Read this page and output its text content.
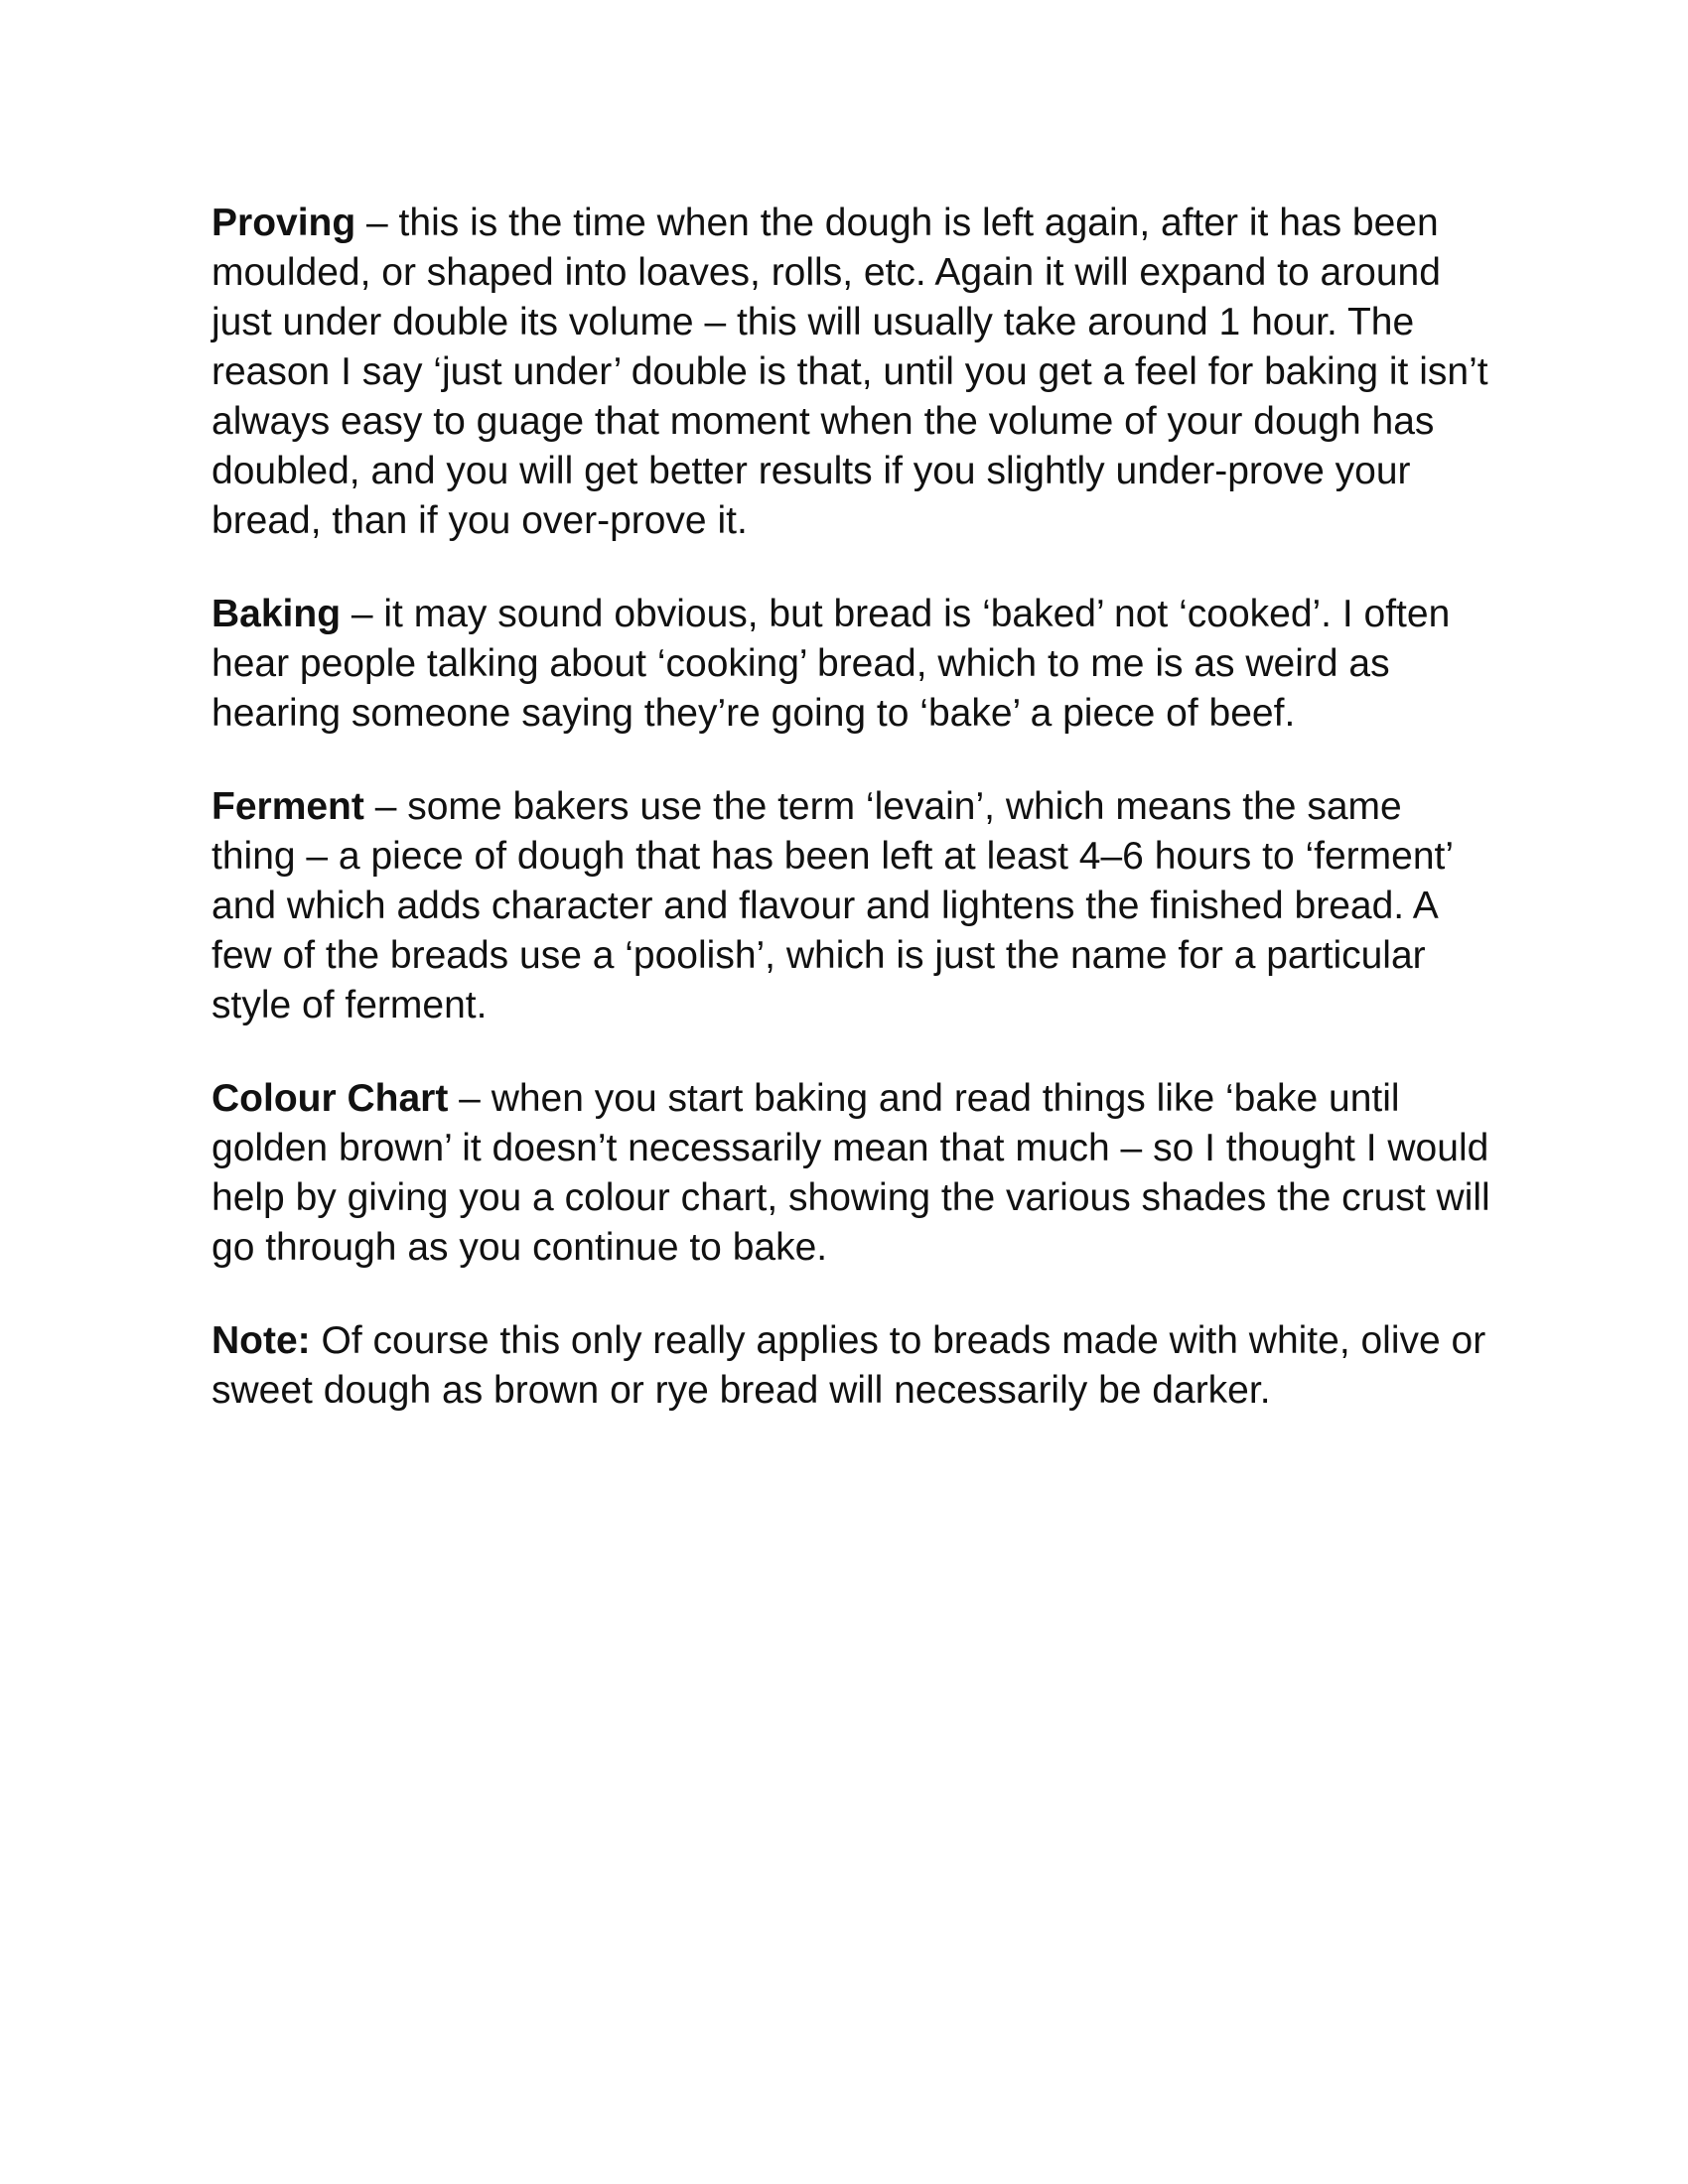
Proving – this is the time when the dough is left again, after it has been moulded, or shaped into loaves, rolls, etc. Again it will expand to around just under double its volume – this will usually take around 1 hour. The reason I say ‘just under’ double is that, until you get a feel for baking it isn’t always easy to guage that moment when the volume of your dough has doubled, and you will get better results if you slightly under-prove your bread, than if you over-prove it.

Baking – it may sound obvious, but bread is ‘baked’ not ‘cooked’. I often hear people talking about ‘cooking’ bread, which to me is as weird as hearing someone saying they’re going to ‘bake’ a piece of beef.

Ferment – some bakers use the term ‘levain’, which means the same thing – a piece of dough that has been left at least 4–6 hours to ‘ferment’ and which adds character and flavour and lightens the finished bread. A few of the breads use a ‘poolish’, which is just the name for a particular style of ferment.

Colour Chart – when you start baking and read things like ‘bake until golden brown’ it doesn’t necessarily mean that much – so I thought I would help by giving you a colour chart, showing the various shades the crust will go through as you continue to bake.

Note: Of course this only really applies to breads made with white, olive or sweet dough as brown or rye bread will necessarily be darker.
